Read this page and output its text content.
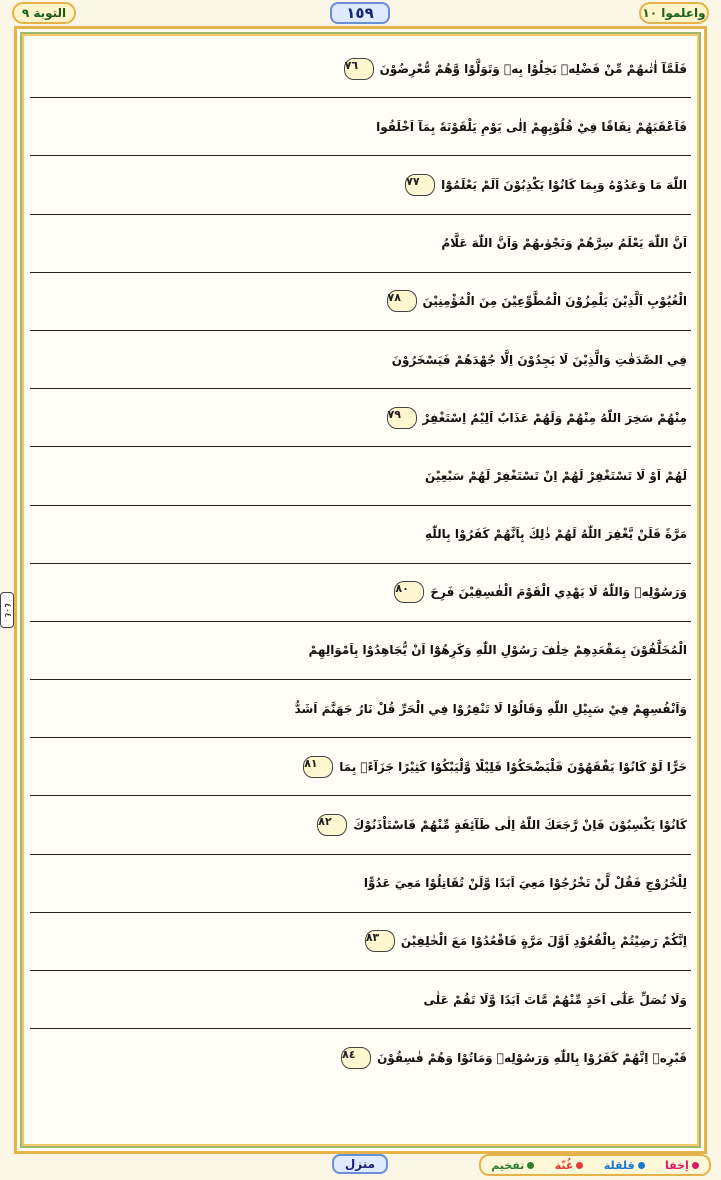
واعلموا ١٠
١٥٩
التوبة ٩
٤٠٤
فَلَمَّآ اٰتٰىهُمْ مِّنْ فَضْلِهٖ بَخِلُوْا بِهٖ وَتَوَلَّوْا وَّهُمْ مُّعْرِضُوْنَ
٧٦
فَاَعْقَبَهُمْ نِفَاقًا فِيْ قُلُوْبِهِمْ اِلٰى يَوْمِ يَلْقَوْنَهٗ بِمَآ اَخْلَفُوا
اللّٰهَ مَا وَعَدُوْهُ وَبِمَا كَانُوْا يَكْذِبُوْنَ اَلَمْ يَعْلَمُوْٓا
٧٧
اَنَّ اللّٰهَ يَعْلَمُ سِرَّهُمْ وَنَجْوٰىهُمْ وَاَنَّ اللّٰهَ عَلَّامُ
الْغُيُوْبِ اَلَّذِيْنَ يَلْمِزُوْنَ الْمُطَّوِّعِيْنَ مِنَ الْمُؤْمِنِيْنَ
٧٨
فِي الصَّدَقٰتِ وَالَّذِيْنَ لَا يَجِدُوْنَ اِلَّا جُهْدَهُمْ فَيَسْخَرُوْنَ
مِنْهُمْ سَخِرَ اللّٰهُ مِنْهُمْ وَلَهُمْ عَذَابٌ اَلِيْمٌ اِسْتَغْفِرْ
٧٩
لَهُمْ اَوْ لَا تَسْتَغْفِرْ لَهُمْ اِنْ تَسْتَغْفِرْ لَهُمْ سَبْعِيْنَ
مَرَّةً فَلَنْ يَّغْفِرَ اللّٰهُ لَهُمْ ذٰلِكَ بِاَنَّهُمْ كَفَرُوْا بِاللّٰهِ
وَرَسُوْلِهٖ وَاللّٰهُ لَا يَهْدِي الْقَوْمَ الْفٰسِقِيْنَ فَرِحَ
٨٠
الْمُخَلَّفُوْنَ بِمَقْعَدِهِمْ خِلٰفَ رَسُوْلِ اللّٰهِ وَكَرِهُوْٓا اَنْ يُّجَاهِدُوْا بِاَمْوَالِهِمْ
وَاَنْفُسِهِمْ فِيْ سَبِيْلِ اللّٰهِ وَقَالُوْا لَا تَنْفِرُوْا فِي الْحَرِّ قُلْ نَارُ جَهَنَّمَ اَشَدُّ
حَرًّا لَوْ كَانُوْا يَفْقَهُوْنَ فَلْيَضْحَكُوْا قَلِيْلًا وَّلْيَبْكُوْا كَثِيْرًا جَزَآءًۢ بِمَا
٨١
كَانُوْا يَكْسِبُوْنَ فَاِنْ رَّجَعَكَ اللّٰهُ اِلٰى طَآئِفَةٍ مِّنْهُمْ فَاسْتَاْذَنُوْكَ
٨٢
لِلْخُرُوْجِ فَقُلْ لَّنْ تَخْرُجُوْا مَعِيَ اَبَدًا وَّلَنْ تُقَاتِلُوْا مَعِيَ عَدُوًّا
اِنَّكُمْ رَضِيْتُمْ بِالْقُعُوْدِ اَوَّلَ مَرَّةٍ فَاقْعُدُوْا مَعَ الْخٰلِفِيْنَ
٨٣
وَلَا تُصَلِّ عَلٰٓى اَحَدٍ مِّنْهُمْ مَّاتَ اَبَدًا وَّلَا تَقُمْ عَلٰى
قَبْرِهٖ اِنَّهُمْ كَفَرُوْا بِاللّٰهِ وَرَسُوْلِهٖ وَمَاتُوْا وَهُمْ فٰسِقُوْنَ
٨٤
منزل	اِخفا
قلقلة
غُنّة
تفخیم
